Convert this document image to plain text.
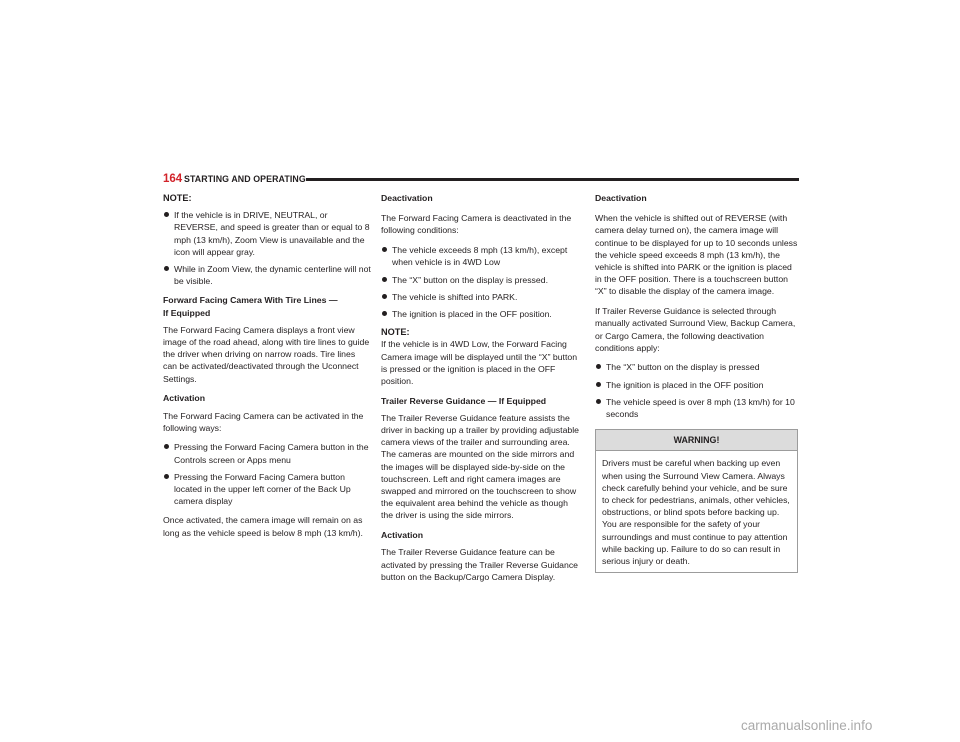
164 STARTING AND OPERATING

NOTE:

If the vehicle is in DRIVE, NEUTRAL, or REVERSE, and speed is greater than or equal to 8 mph (13 km/h), Zoom View is unavailable and the icon will appear gray.
While in Zoom View, the dynamic centerline will not be visible.

Forward Facing Camera With Tire Lines —
If Equipped

The Forward Facing Camera displays a front view image of the road ahead, along with tire lines to guide the driver when driving on narrow roads. Tire lines can be activated/deactivated through the Uconnect Settings.

Activation

The Forward Facing Camera can be activated in the following ways:

Pressing the Forward Facing Camera button in the Controls screen or Apps menu
Pressing the Forward Facing Camera button located in the upper left corner of the Back Up camera display

Once activated, the camera image will remain on as long as the vehicle speed is below 8 mph (13 km/h).

Deactivation

The Forward Facing Camera is deactivated in the following conditions:

The vehicle exceeds 8 mph (13 km/h), except when vehicle is in 4WD Low
The “X” button on the display is pressed.
The vehicle is shifted into PARK.
The ignition is placed in the OFF position.

NOTE:

If the vehicle is in 4WD Low, the Forward Facing Camera image will be displayed until the “X” button is pressed or the ignition is placed in the OFF position.

Trailer Reverse Guidance — If Equipped

The Trailer Reverse Guidance feature assists the driver in backing up a trailer by providing adjustable camera views of the trailer and surrounding area. The cameras are mounted on the side mirrors and the images will be displayed side-by-side on the touchscreen. Left and right camera images are swapped and mirrored on the touchscreen to show the equivalent area behind the vehicle as though the driver is using the side mirrors.

Activation

The Trailer Reverse Guidance feature can be activated by pressing the Trailer Reverse Guidance button on the Backup/Cargo Camera Display.

Deactivation

When the vehicle is shifted out of REVERSE (with camera delay turned on), the camera image will continue to be displayed for up to 10 seconds unless the vehicle speed exceeds 8 mph (13 km/h), the vehicle is shifted into PARK or the ignition is placed in the OFF position. There is a touchscreen button “X” to disable the display of the camera image.

If Trailer Reverse Guidance is selected through manually activated Surround View, Backup Camera, or Cargo Camera, the following deactivation conditions apply:

The “X” button on the display is pressed
The ignition is placed in the OFF position
The vehicle speed is over 8 mph (13 km/h) for 10 seconds
WARNING!
Drivers must be careful when backing up even when using the Surround View Camera. Always check carefully behind your vehicle, and be sure to check for pedestrians, animals, other vehicles, obstructions, or blind spots before backing up. You are responsible for the safety of your surroundings and must continue to pay attention while backing up. Failure to do so can result in serious injury or death.
carmanualsonline.info
